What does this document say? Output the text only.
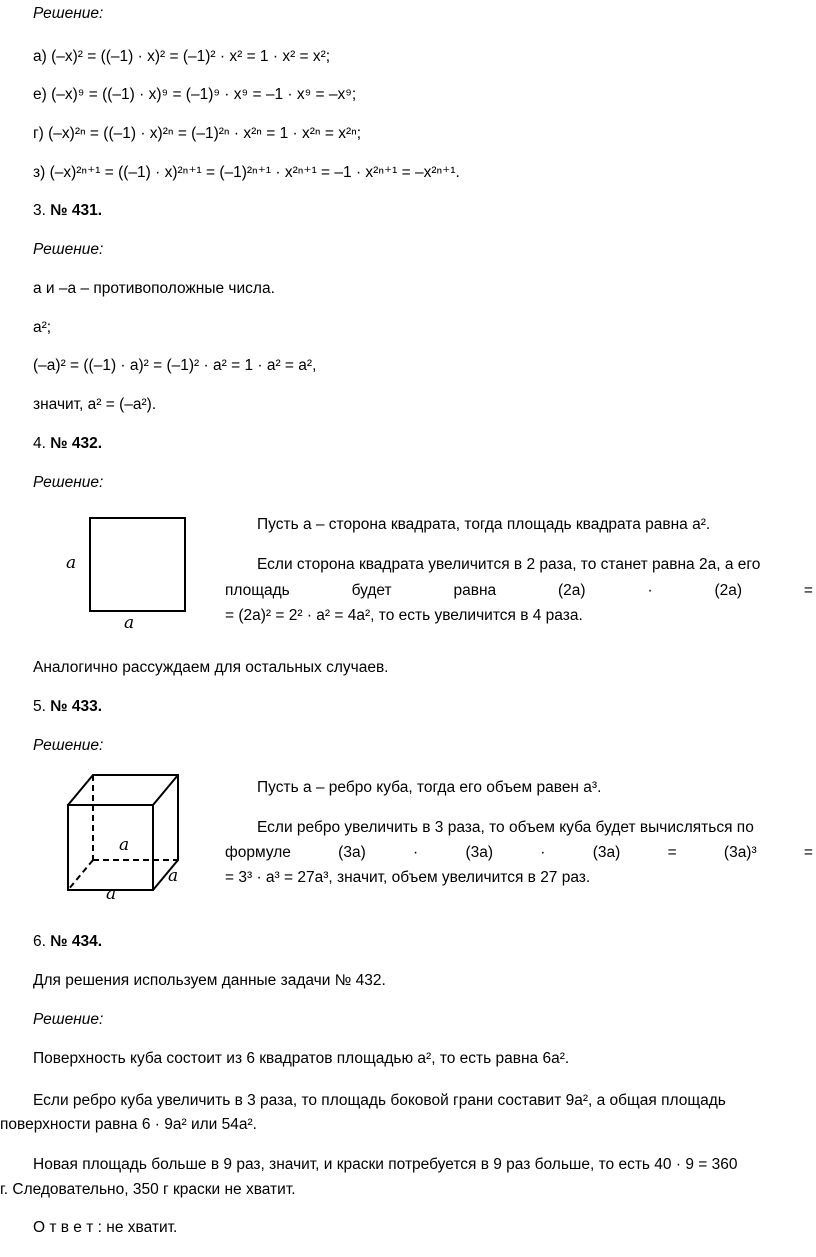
Решение:
а) (–x)² = ((–1) · x)² = (–1)² · x² = 1 · x² = x²;
е) (–x)⁹ = ((–1) · x)⁹ = (–1)⁹ · x⁹ = –1 · x⁹ = –x⁹;
г) (–x)²ⁿ = ((–1) · x)²ⁿ = (–1)²ⁿ · x²ⁿ = 1 · x²ⁿ = x²ⁿ;
з) (–x)²ⁿ⁺¹ = ((–1) · x)²ⁿ⁺¹ = (–1)²ⁿ⁺¹ · x²ⁿ⁺¹ = –1 · x²ⁿ⁺¹ = –x²ⁿ⁺¹.
3. № 431.
Решение:
a и –a – противоположные числа.
a²;
(–a)² = ((–1) · a)² = (–1)² · a² = 1 · a² = a²,
значит, a² = (–a²).
4. № 432.
Решение:
a
a
Пусть a – сторона квадрата, тогда площадь квадрата равна a².
Если сторона квадрата увеличится в 2 раза, то станет равна 2a, а его
площадь	будет	равна	(2a)	·	(2a)	=
= (2a)² = 2² · a² = 4a², то есть увеличится в 4 раза.
Аналогично рассуждаем для остальных случаев.
5. № 433.
Решение:
a
a
a
Пусть a – ребро куба, тогда его объем равен a³.
Если ребро увеличить в 3 раза, то объем куба будет вычисляться по
формуле	(3a)	·	(3a)	·	(3a)	=	(3a)³	=
= 3³ · a³ = 27a³, значит, объем увеличится в 27 раз.
6. № 434.
Для решения используем данные задачи № 432.
Решение:
Поверхность куба состоит из 6 квадратов площадью a², то есть равна 6a².
Если ребро куба увеличить в 3 раза, то площадь боковой грани составит 9a², а общая площадь
поверхности равна 6 · 9a² или 54a².
Новая площадь больше в 9 раз, значит, и краски потребуется в 9 раз больше, то есть 40 · 9 = 360
г. Следовательно, 350 г краски не хватит.
О т в е т : не хватит.
